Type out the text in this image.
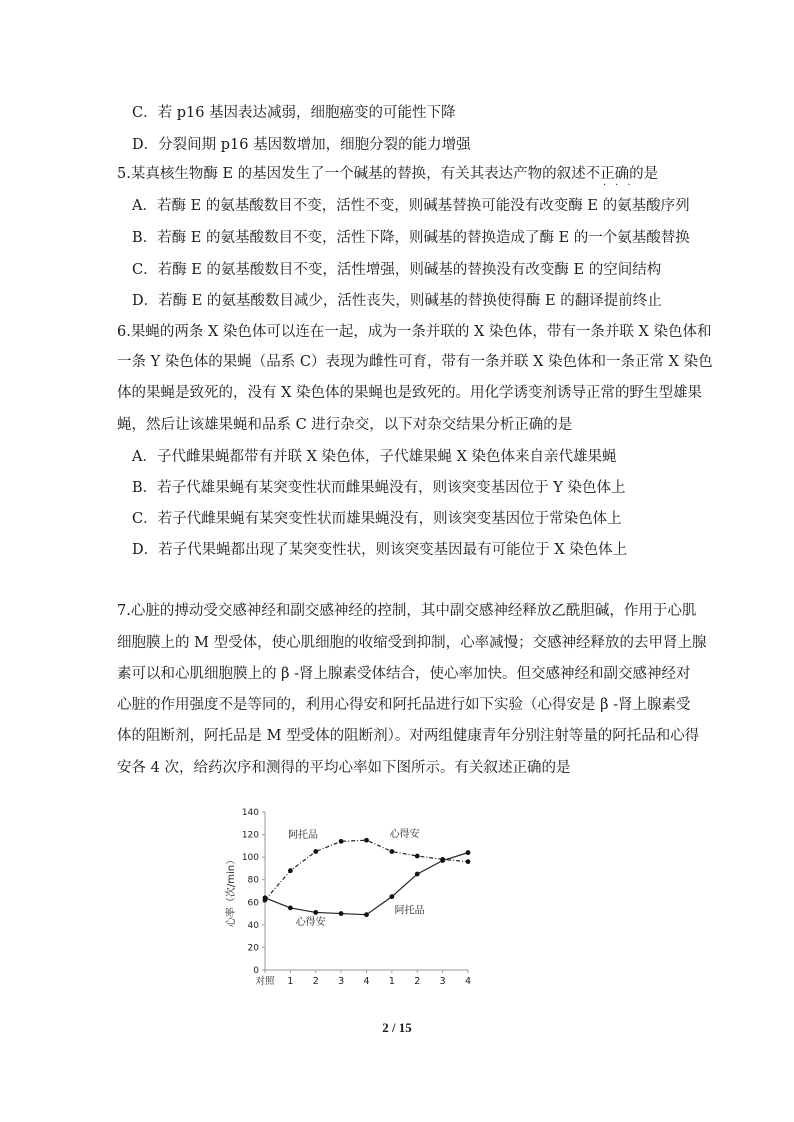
C．若 p16 基因表达减弱，细胞癌变的可能性下降
D．分裂间期 p16 基因数增加，细胞分裂的能力增强
5.某真核生物酶 E 的基因发生了一个碱基的替换，有关其表达产物的叙述不正确的是
···
A．若酶 E 的氨基酸数目不变，活性不变，则碱基替换可能没有改变酶 E 的氨基酸序列
B．若酶 E 的氨基酸数目不变，活性下降，则碱基的替换造成了酶 E 的一个氨基酸替换
C．若酶 E 的氨基酸数目不变，活性增强，则碱基的替换没有改变酶 E 的空间结构
D．若酶 E 的氨基酸数目减少，活性丧失，则碱基的替换使得酶 E 的翻译提前终止
6.果蝇的两条 X 染色体可以连在一起，成为一条并联的 X 染色体，带有一条并联 X 染色体和
一条 Y 染色体的果蝇（品系 C）表现为雌性可育，带有一条并联 X 染色体和一条正常 X 染色
体的果蝇是致死的，没有 X 染色体的果蝇也是致死的。用化学诱变剂诱导正常的野生型雄果
蝇，然后让该雄果蝇和品系 C 进行杂交，以下对杂交结果分析正确的是
A．子代雌果蝇都带有并联 X 染色体，子代雄果蝇 X 染色体来自亲代雄果蝇
B．若子代雄果蝇有某突变性状而雌果蝇没有，则该突变基因位于 Y 染色体上
C．若子代雌果蝇有某突变性状而雄果蝇没有，则该突变基因位于常染色体上
D．若子代果蝇都出现了某突变性状，则该突变基因最有可能位于 X 染色体上
7.心脏的搏动受交感神经和副交感神经的控制，其中副交感神经释放乙酰胆碱，作用于心肌
细胞膜上的 M 型受体，使心肌细胞的收缩受到抑制，心率减慢；交感神经释放的去甲肾上腺
素可以和心肌细胞膜上的 β -肾上腺素受体结合，使心率加快。但交感神经和副交感神经对
心脏的作用强度不是等同的，利用心得安和阿托品进行如下实验（心得安是 β -肾上腺素受
体的阻断剂，阿托品是 M 型受体的阻断剂）。对两组健康青年分别注射等量的阿托品和心得
安各 4 次，给药次序和测得的平均心率如下图所示。有关叙述正确的是
0
20
40
60
80
100
120
140
对照 1 2 3 4 1 2 3 4
心率（次/min）
阿托品	心得安
心得安
阿托品
2 / 15
